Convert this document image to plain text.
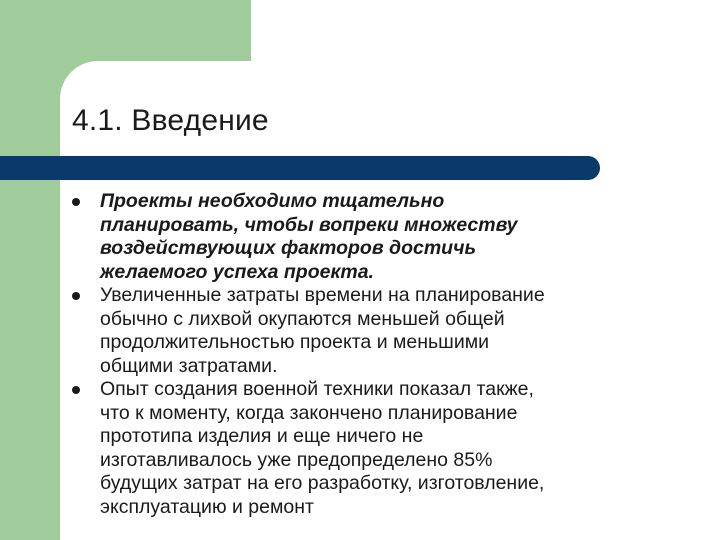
4.1. Введение
Проекты необходимо тщательно
планировать, чтобы вопреки множеству
воздействующих факторов достичь
желаемого успеха проекта.
Увеличенные затраты времени на планирование
обычно с лихвой окупаются меньшей общей
продолжительностью проекта и меньшими
общими затратами.
Опыт создания военной техники показал также,
что к моменту, когда закончено планирование
прототипа изделия и еще ничего не
изготавливалось уже предопределено 85%
будущих затрат на его разработку, изготовление,
эксплуатацию и ремонт
